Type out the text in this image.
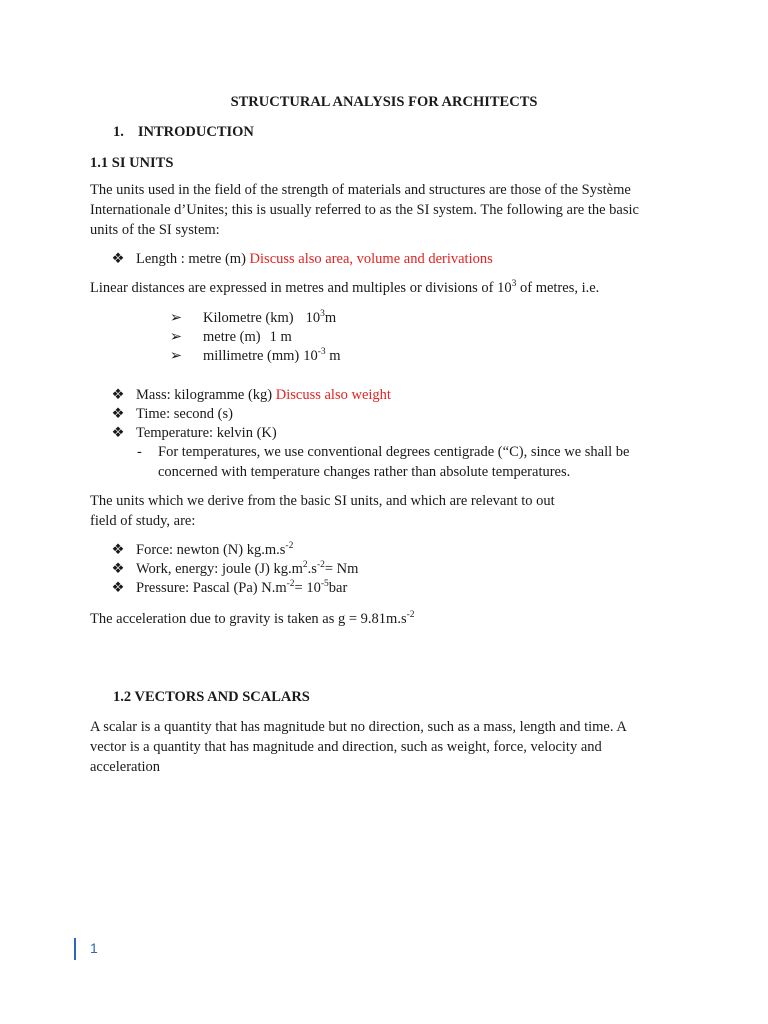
STRUCTURAL ANALYSIS FOR ARCHITECTS
1. INTRODUCTION
1.1 SI UNITS
The units used in the field of the strength of materials and structures are those of the Système
Internationale d’Unites; this is usually referred to as the SI system. The following are the basic
units of the SI system:
❖ Length : metre (m) Discuss also area, volume and derivations
Linear distances are expressed in metres and multiples or divisions of $10^3$ of metres, i.e.
➢ Kilometre (km) $10^3m$
➢ metre (m) 1 m
➢ millimetre (mm) $10^{-3}$ m
❖ Mass: kilogramme (kg) Discuss also weight
❖ Time: second (s)
❖ Temperature: kelvin (K)
- For temperatures, we use conventional degrees centigrade (“C), since we shall be
concerned with temperature changes rather than absolute temperatures.
The units which we derive from the basic SI units, and which are relevant to out
field of study, are:
❖ Force: newton (N) $kg.m.s^{-2}$
❖ Work, energy: joule (J) $kg.m^2.s^{-2}= Nm$
❖ Pressure: Pascal (Pa) $N.m^{-2}= 10^{-5}bar$
The acceleration due to gravity is taken as $g = 9.81m.s^{-2}$
1.2 VECTORS AND SCALARS
A scalar is a quantity that has magnitude but no direction, such as a mass, length and time. A
vector is a quantity that has magnitude and direction, such as weight, force, velocity and
acceleration
1
